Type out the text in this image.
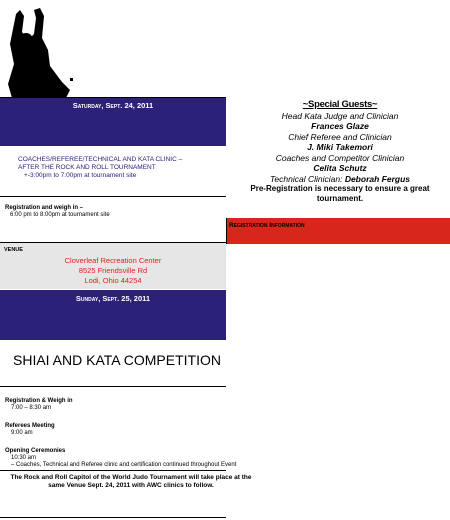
Saturday, Sept. 24, 2011
COACHES/REFEREE/TECHNICAL AND KATA CLINIC –
AFTER THE ROCK AND ROLL TOURNAMENT
+-3:00pm to 7:00pm at tournament site
Registration and weigh in –
6:00 pm to 8:00pm at tournament site
VENUE
Cloverleaf Recreation Center
8525 Friendsville Rd
Lodi, Ohio 44254
Sunday, Sept. 25, 2011
SHIAI AND KATA COMPETITION
Registration & Weigh in
7:00 – 8:30 am
Referees Meeting
9:00 am
Opening Ceremonies
10:30 am
– Coaches, Technical and Referee clinic and certification continued throughout Event
The Rock and Roll Capitol of the World Judo Tournament will take place at the same Venue Sept. 24, 2011 with AWC clinics to follow.
~Special Guests~
Head Kata Judge and Clinician
Frances Glaze
Chief Referee and Clinician
J. Miki Takemori
Coaches and Competitor Clinician
Celita Schutz
Technical Clinician: Deborah Fergus
Pre-Registration is necessary to ensure a great tournament.
Registration Information
